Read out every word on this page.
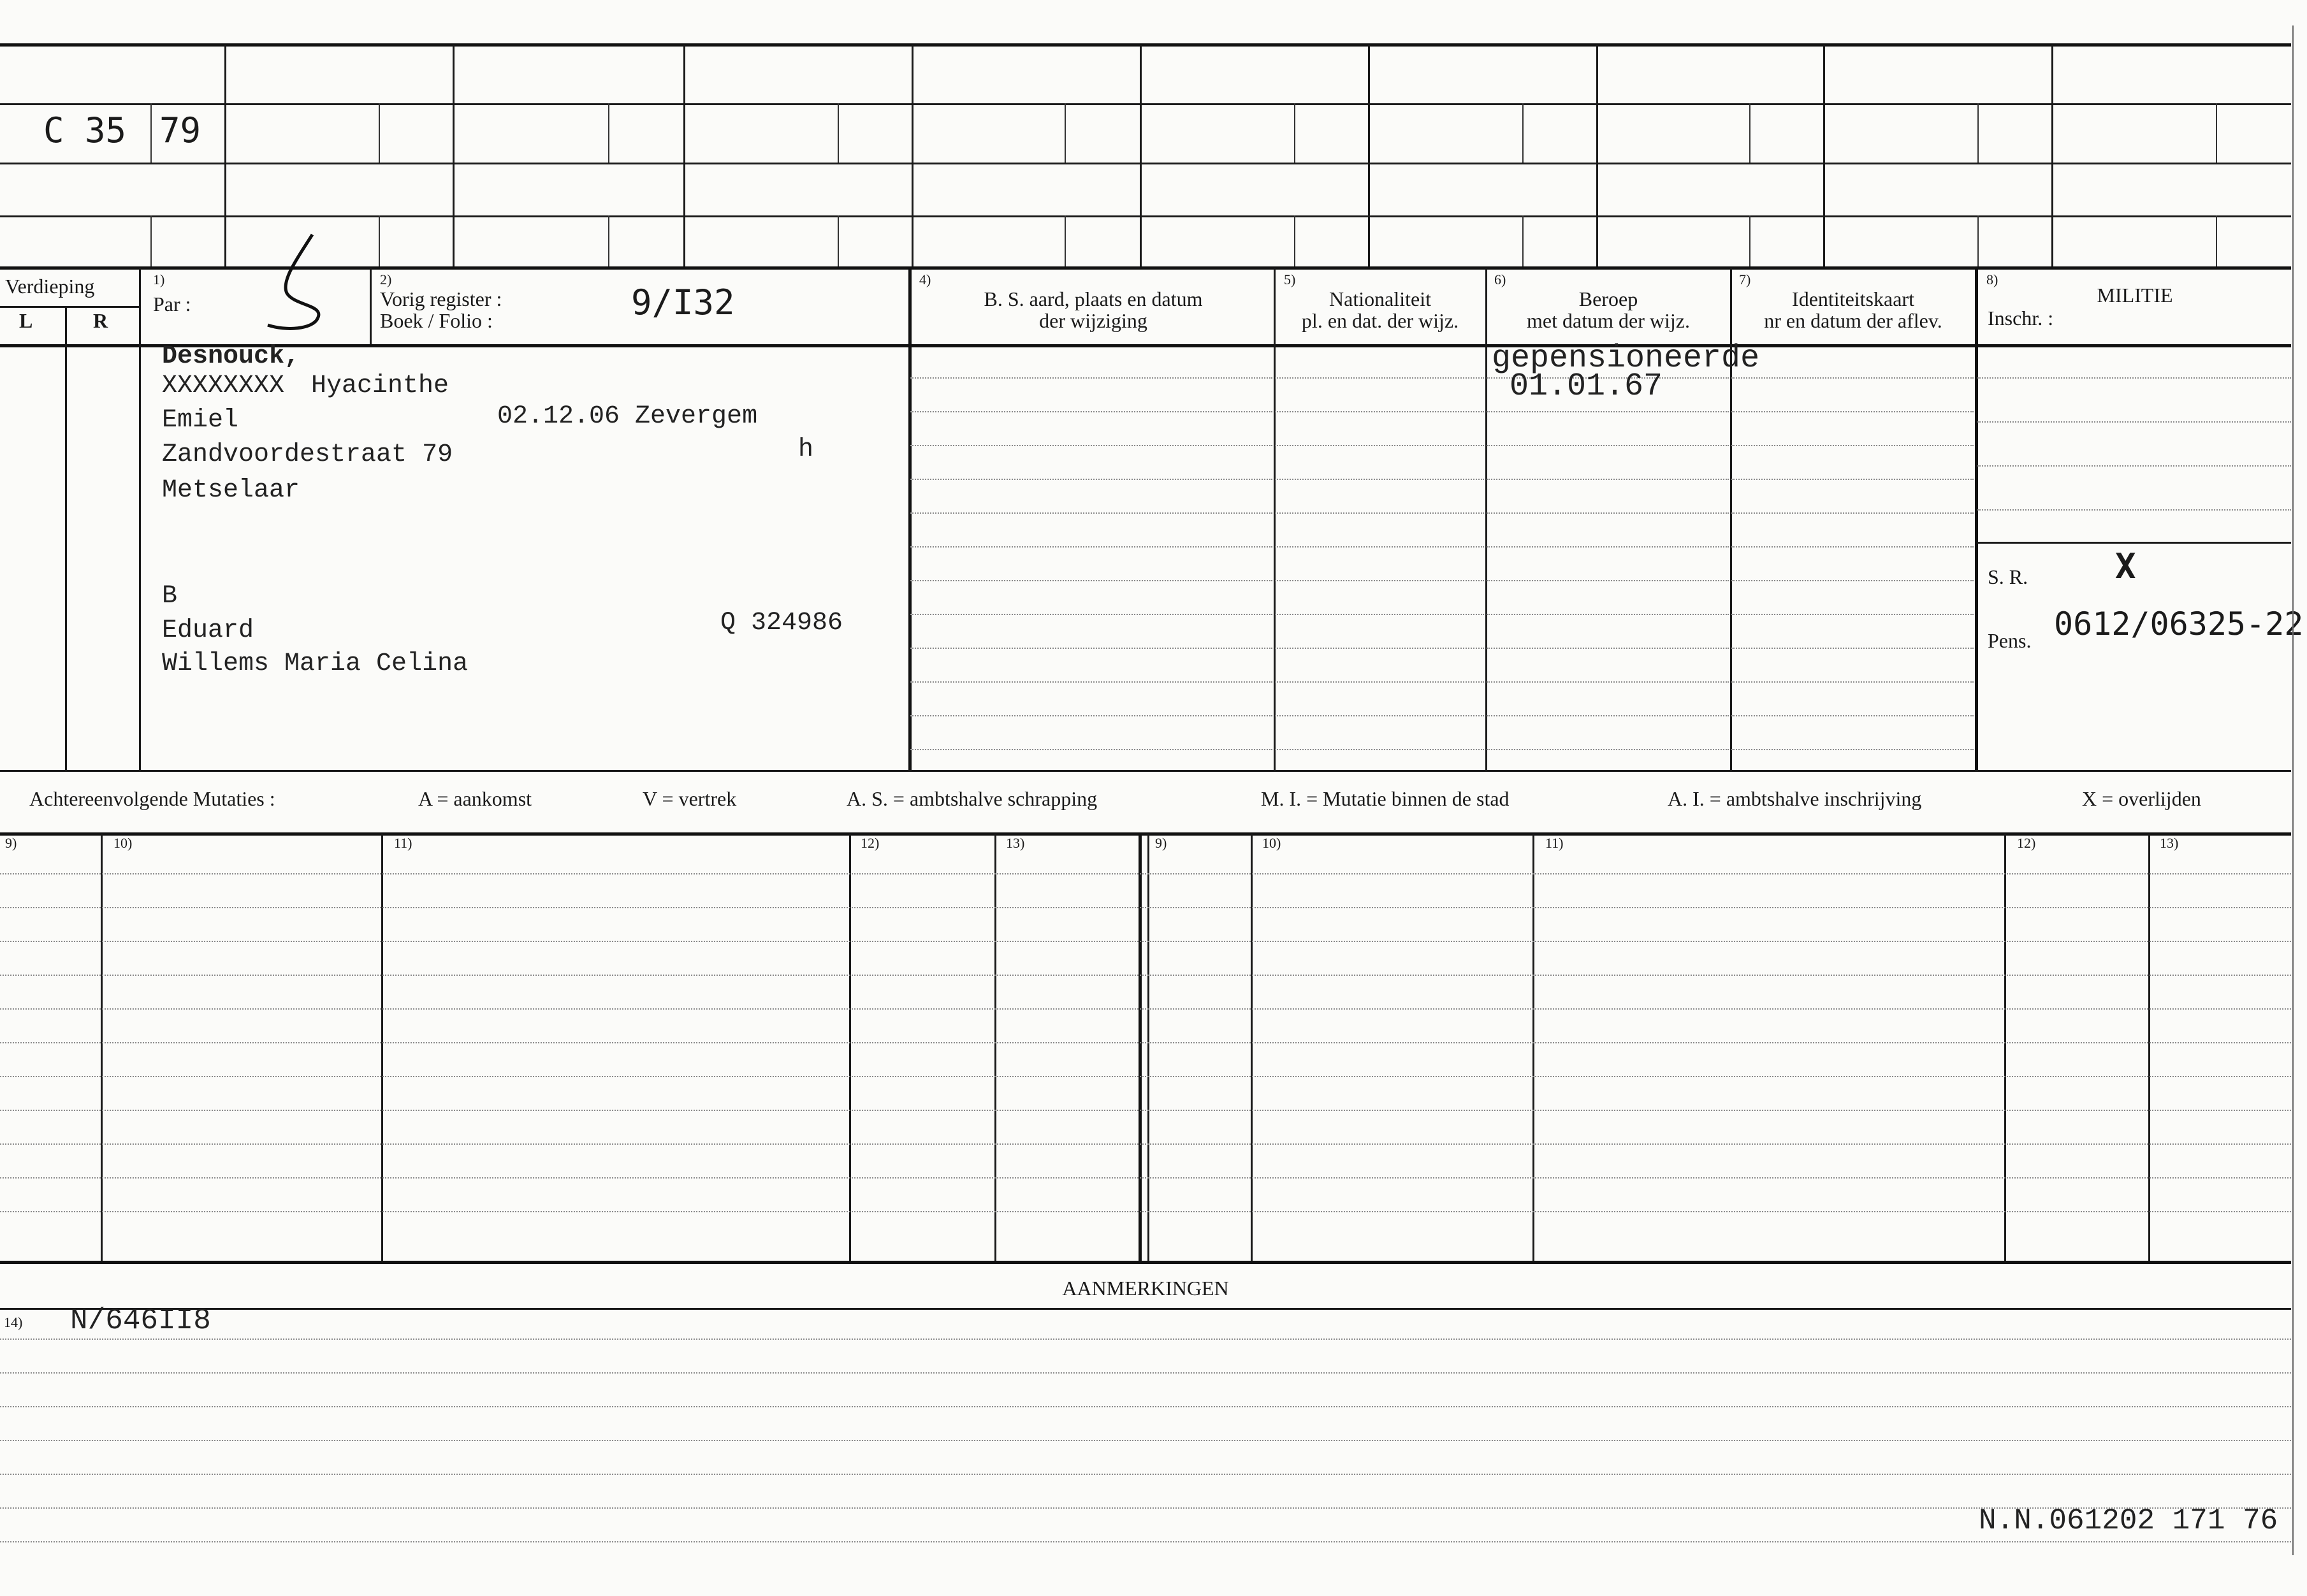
C 35 79
Verdieping
L	R
1)
Par :
2)
Vorig register :
Boek / Folio :	9/I32
4)
B. S. aard, plaats en datum
der wijziging
5)
Nationaliteit
pl. en dat. der wijz.
6)
Beroep
met datum der wijz.
7)
Identiteitskaart
nr en datum der aflev.
8)
MILITIE
Inschr. :
Desnouck,
XXXXXXXX Hyacinthe
Emiel	02.12.06 Zevergem
Zandvoordestraat 79	h
Metselaar
B
Eduard	Q 324986
Willems Maria Celina
gepensioneerde
01.01.67
S. R.	X
Pens. 0612/06325-22
Achtereenvolgende Mutaties :	A = aankomst	V = vertrek	A. S. = ambtshalve schrapping	M. I. = Mutatie binnen de stad	A. I. = ambtshalve inschrijving	X = overlijden
9)	10)	11)	12)	13)	9)	10)	11)	12)	13)
AANMERKINGEN
14) N/646II8
N.N.061202 171 76
